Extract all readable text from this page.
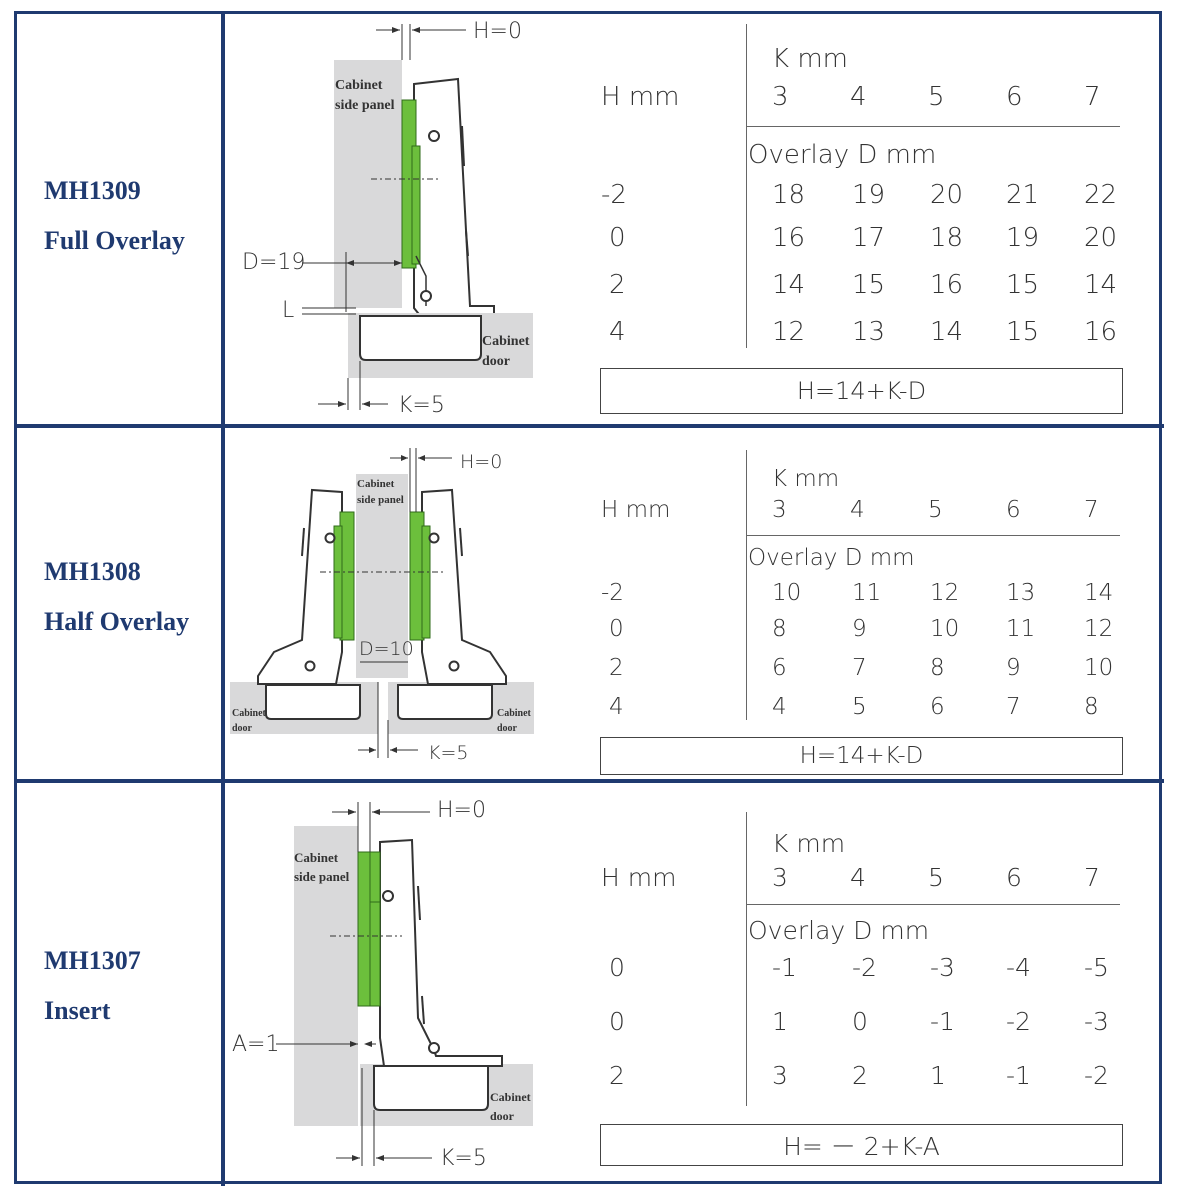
MH1309
Full Overlay
H=0
D=19
L
K=5
Cabinet
side panel
Cabinet
door
K mm
H mm	3 4 5 6 7
Overlay D mm
-2	18 19 20 21 22
0	16 17 18 19 20
2	14 15 16 15 14
4	12 13 14 15 16
H=14+K-D
MH1308
Half Overlay
H=0
D=10
K=5
Cabinet
side panel
Cabinet
door
Cabinet
door
K mm
H mm	3	4	5	6	7
Overlay D mm
-2	10 11 12 13 14
0	8	9	10 11 12
2	6	7	8	9	10
4	4	5	6	7	8
H=14+K-D
MH1307
Insert
H=0
A=1
K=5
Cabinet
side panel
Cabinet
door
K mm
H mm	3 4 5 6 7
Overlay D mm
0	-1 -2 -3 -4 -5
0	1	0 -1 -2 -3
2	3	2 1 -1 -2
H= － 2+K-A
